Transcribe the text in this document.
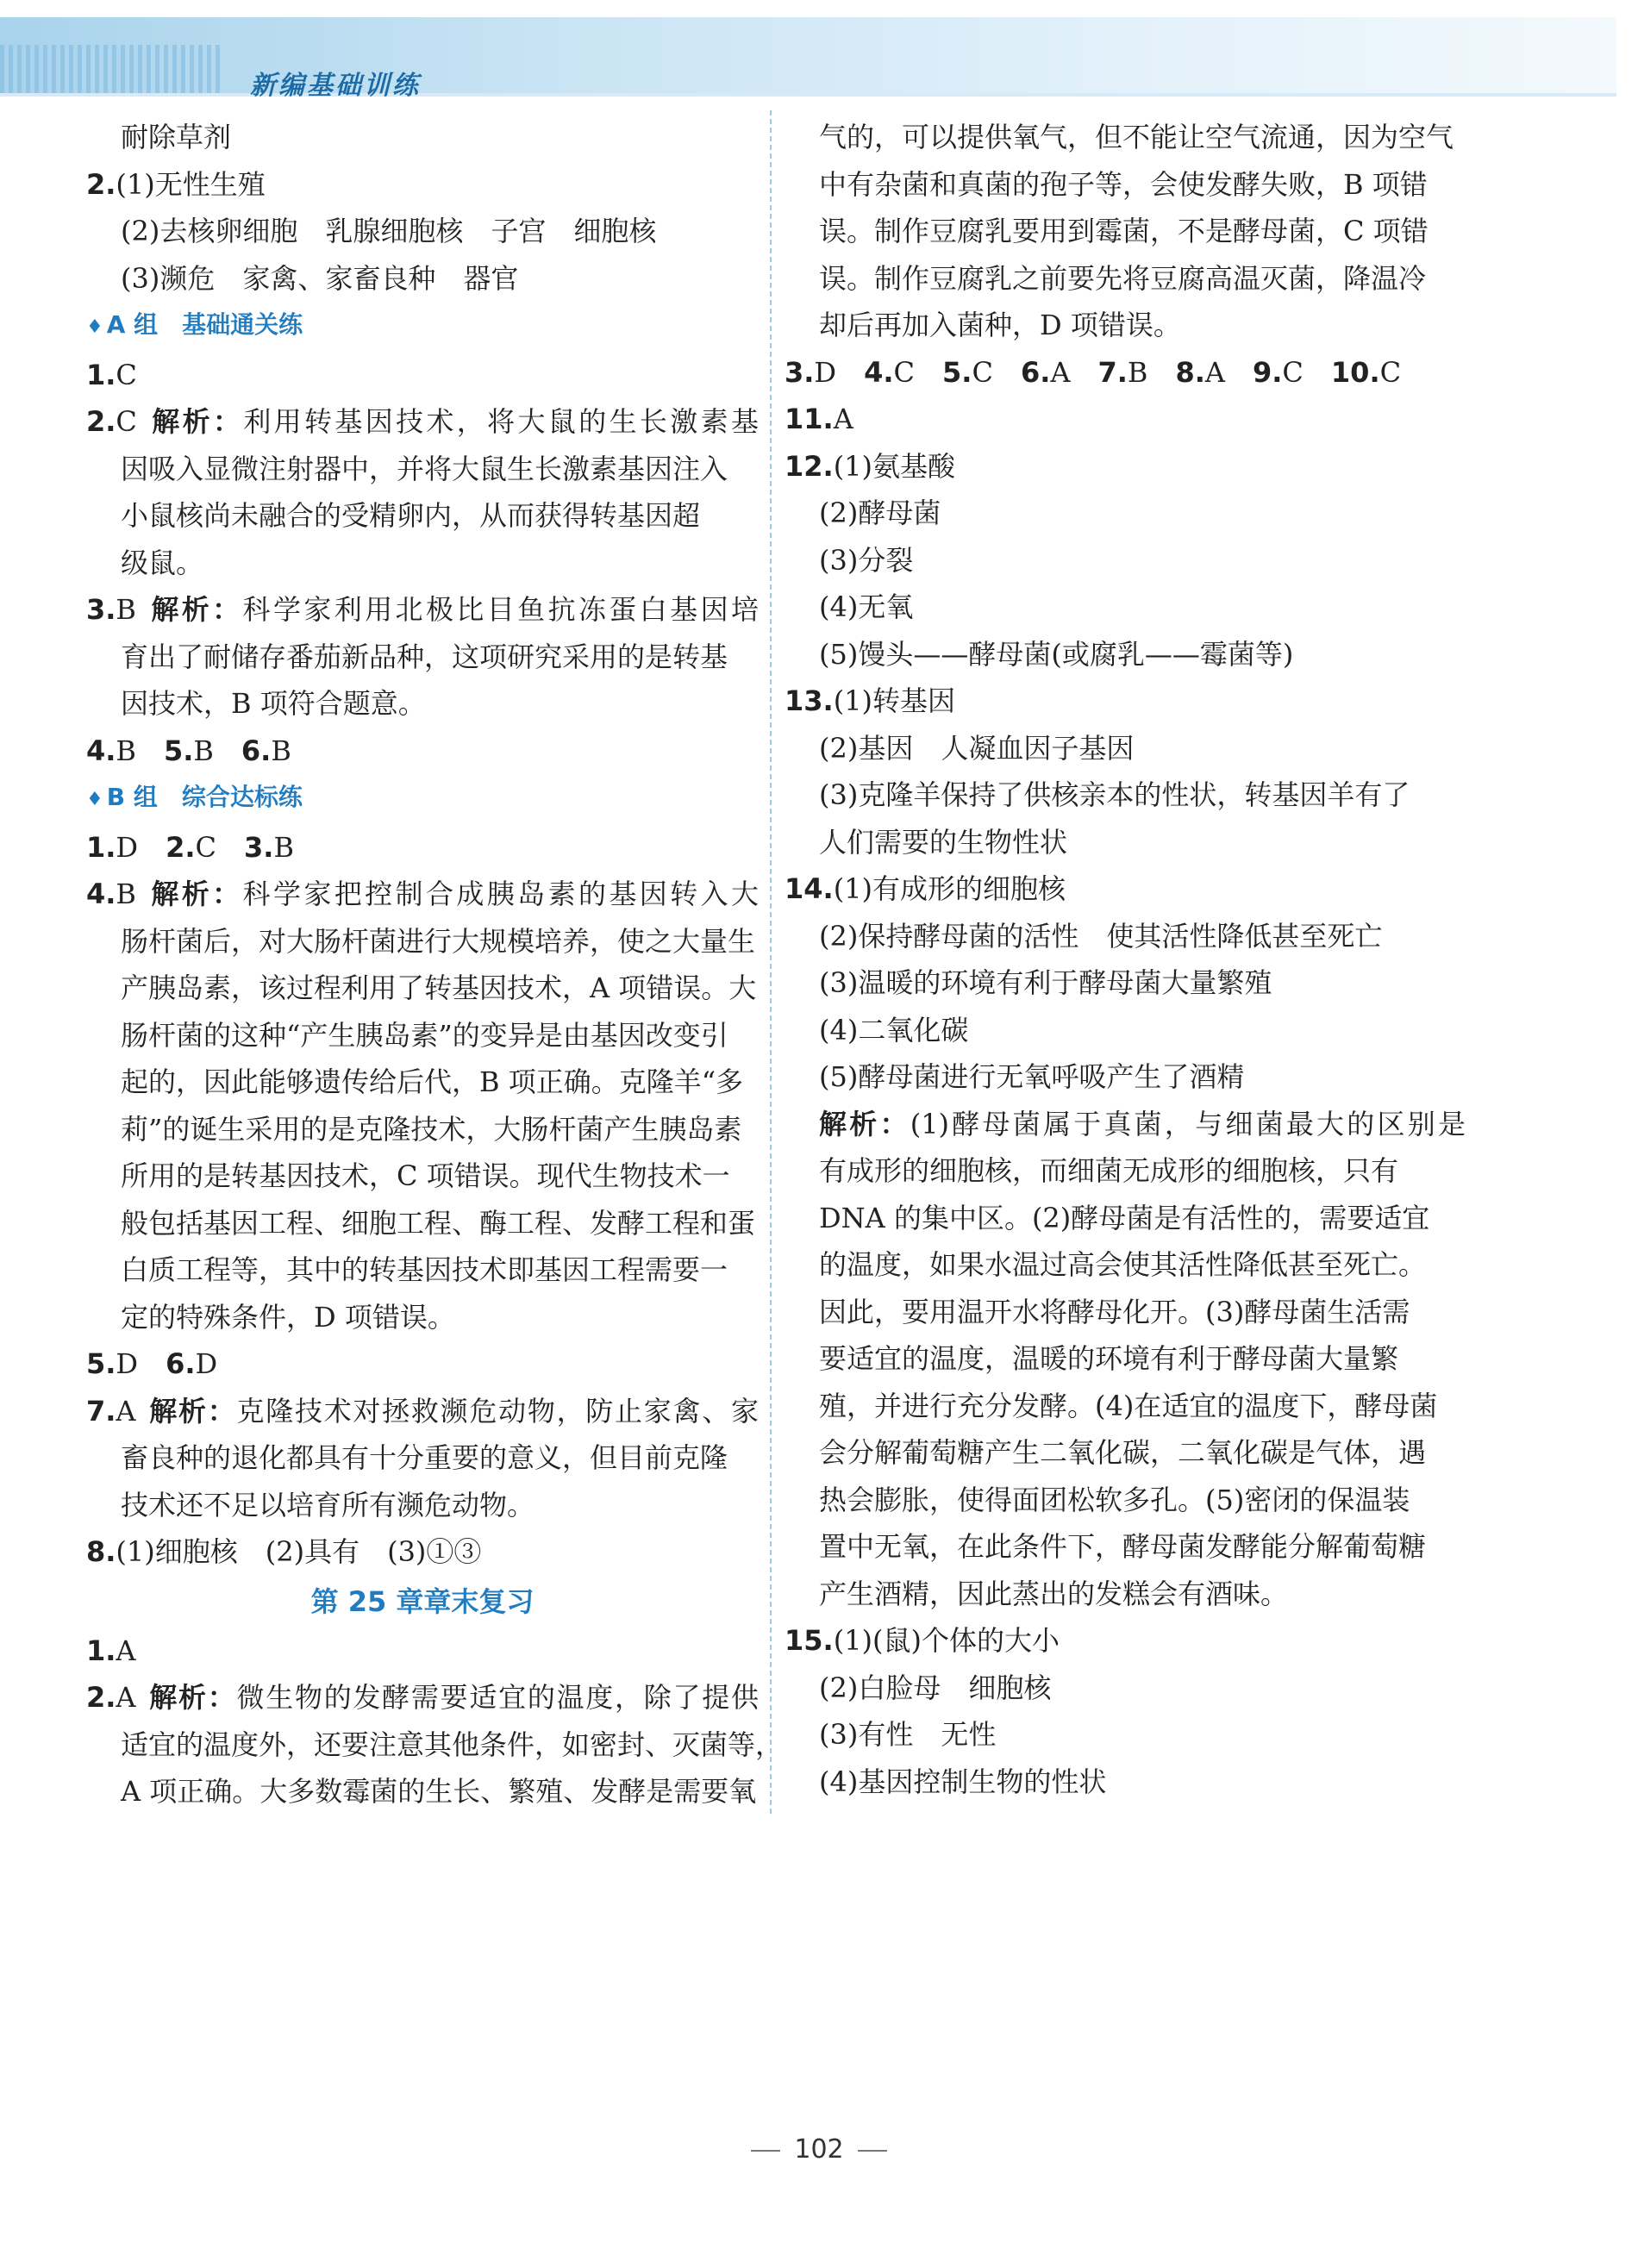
新编基础训练
耐除草剂
2.(1)无性生殖
(2)去核卵细胞　乳腺细胞核　子宫　细胞核
(3)濒危　家禽、家畜良种　器官
♦ A 组　基础通关练
1.C
2.C 解析：利用转基因技术，将大鼠的生长激素基
因吸入显微注射器中，并将大鼠生长激素基因注入
小鼠核尚未融合的受精卵内，从而获得转基因超
级鼠。
3.B 解析：科学家利用北极比目鱼抗冻蛋白基因培
育出了耐储存番茄新品种，这项研究采用的是转基
因技术，B 项符合题意。
4.B　5.B　6.B
♦ B 组　综合达标练
1.D　2.C　3.B
4.B 解析：科学家把控制合成胰岛素的基因转入大
肠杆菌后，对大肠杆菌进行大规模培养，使之大量生
产胰岛素，该过程利用了转基因技术，A 项错误。大
肠杆菌的这种“产生胰岛素”的变异是由基因改变引
起的，因此能够遗传给后代，B 项正确。克隆羊“多
莉”的诞生采用的是克隆技术，大肠杆菌产生胰岛素
所用的是转基因技术，C 项错误。现代生物技术一
般包括基因工程、细胞工程、酶工程、发酵工程和蛋
白质工程等，其中的转基因技术即基因工程需要一
定的特殊条件，D 项错误。
5.D　6.D
7.A 解析：克隆技术对拯救濒危动物，防止家禽、家
畜良种的退化都具有十分重要的意义，但目前克隆
技术还不足以培育所有濒危动物。
8.(1)细胞核　(2)具有　(3)①③
第 25 章章末复习
1.A
2.A 解析：微生物的发酵需要适宜的温度，除了提供
适宜的温度外，还要注意其他条件，如密封、灭菌等，
A 项正确。大多数霉菌的生长、繁殖、发酵是需要氧
气的，可以提供氧气，但不能让空气流通，因为空气
中有杂菌和真菌的孢子等，会使发酵失败，B 项错
误。制作豆腐乳要用到霉菌，不是酵母菌，C 项错
误。制作豆腐乳之前要先将豆腐高温灭菌，降温冷
却后再加入菌种，D 项错误。
3.D　4.C　5.C　6.A　7.B　8.A　9.C　10.C
11.A
12.(1)氨基酸
(2)酵母菌
(3)分裂
(4)无氧
(5)馒头——酵母菌(或腐乳——霉菌等)
13.(1)转基因
(2)基因　人凝血因子基因
(3)克隆羊保持了供核亲本的性状，转基因羊有了
人们需要的生物性状
14.(1)有成形的细胞核
(2)保持酵母菌的活性　使其活性降低甚至死亡
(3)温暖的环境有利于酵母菌大量繁殖
(4)二氧化碳
(5)酵母菌进行无氧呼吸产生了酒精
解析：(1)酵母菌属于真菌，与细菌最大的区别是
有成形的细胞核，而细菌无成形的细胞核，只有
DNA 的集中区。(2)酵母菌是有活性的，需要适宜
的温度，如果水温过高会使其活性降低甚至死亡。
因此，要用温开水将酵母化开。(3)酵母菌生活需
要适宜的温度，温暖的环境有利于酵母菌大量繁
殖，并进行充分发酵。(4)在适宜的温度下，酵母菌
会分解葡萄糖产生二氧化碳，二氧化碳是气体，遇
热会膨胀，使得面团松软多孔。(5)密闭的保温装
置中无氧，在此条件下，酵母菌发酵能分解葡萄糖
产生酒精，因此蒸出的发糕会有酒味。
15.(1)(鼠)个体的大小
(2)白脸母　细胞核
(3)有性　无性
(4)基因控制生物的性状
102
